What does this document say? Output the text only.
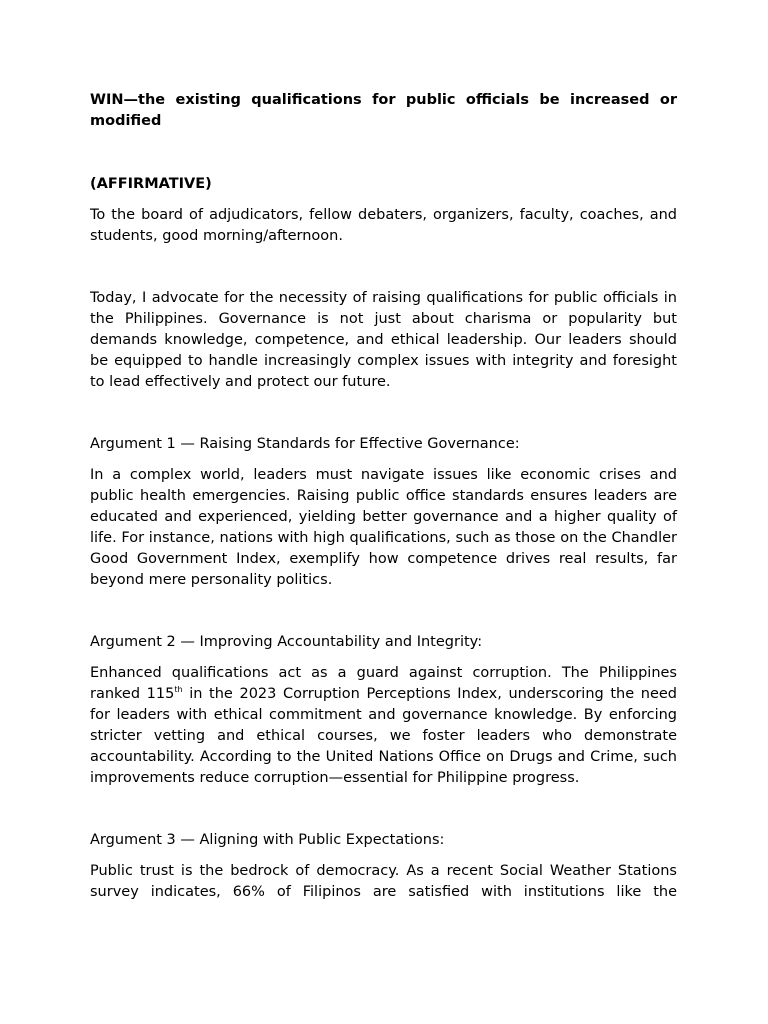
WIN—the existing qualifications for public officials be increased or modified

(AFFIRMATIVE)

To the board of adjudicators, fellow debaters, organizers, faculty, coaches, and students, good morning/afternoon.

Today, I advocate for the necessity of raising qualifications for public officials in the Philippines. Governance is not just about charisma or popularity but demands knowledge, competence, and ethical leadership. Our leaders should be equipped to handle increasingly complex issues with integrity and foresight to lead effectively and protect our future.

Argument 1 — Raising Standards for Effective Governance:

In a complex world, leaders must navigate issues like economic crises and public health emergencies. Raising public office standards ensures leaders are educated and experienced, yielding better governance and a higher quality of life. For instance, nations with high qualifications, such as those on the Chandler Good Government Index, exemplify how competence drives real results, far beyond mere personality politics.

Argument 2 — Improving Accountability and Integrity:

Enhanced qualifications act as a guard against corruption. The Philippines ranked 115th in the 2023 Corruption Perceptions Index, underscoring the need for leaders with ethical commitment and governance knowledge. By enforcing stricter vetting and ethical courses, we foster leaders who demonstrate accountability. According to the United Nations Office on Drugs and Crime, such improvements reduce corruption—essential for Philippine progress.

Argument 3 — Aligning with Public Expectations:

Public trust is the bedrock of democracy. As a recent Social Weather Stations survey indicates, 66% of Filipinos are satisfied with institutions like the
